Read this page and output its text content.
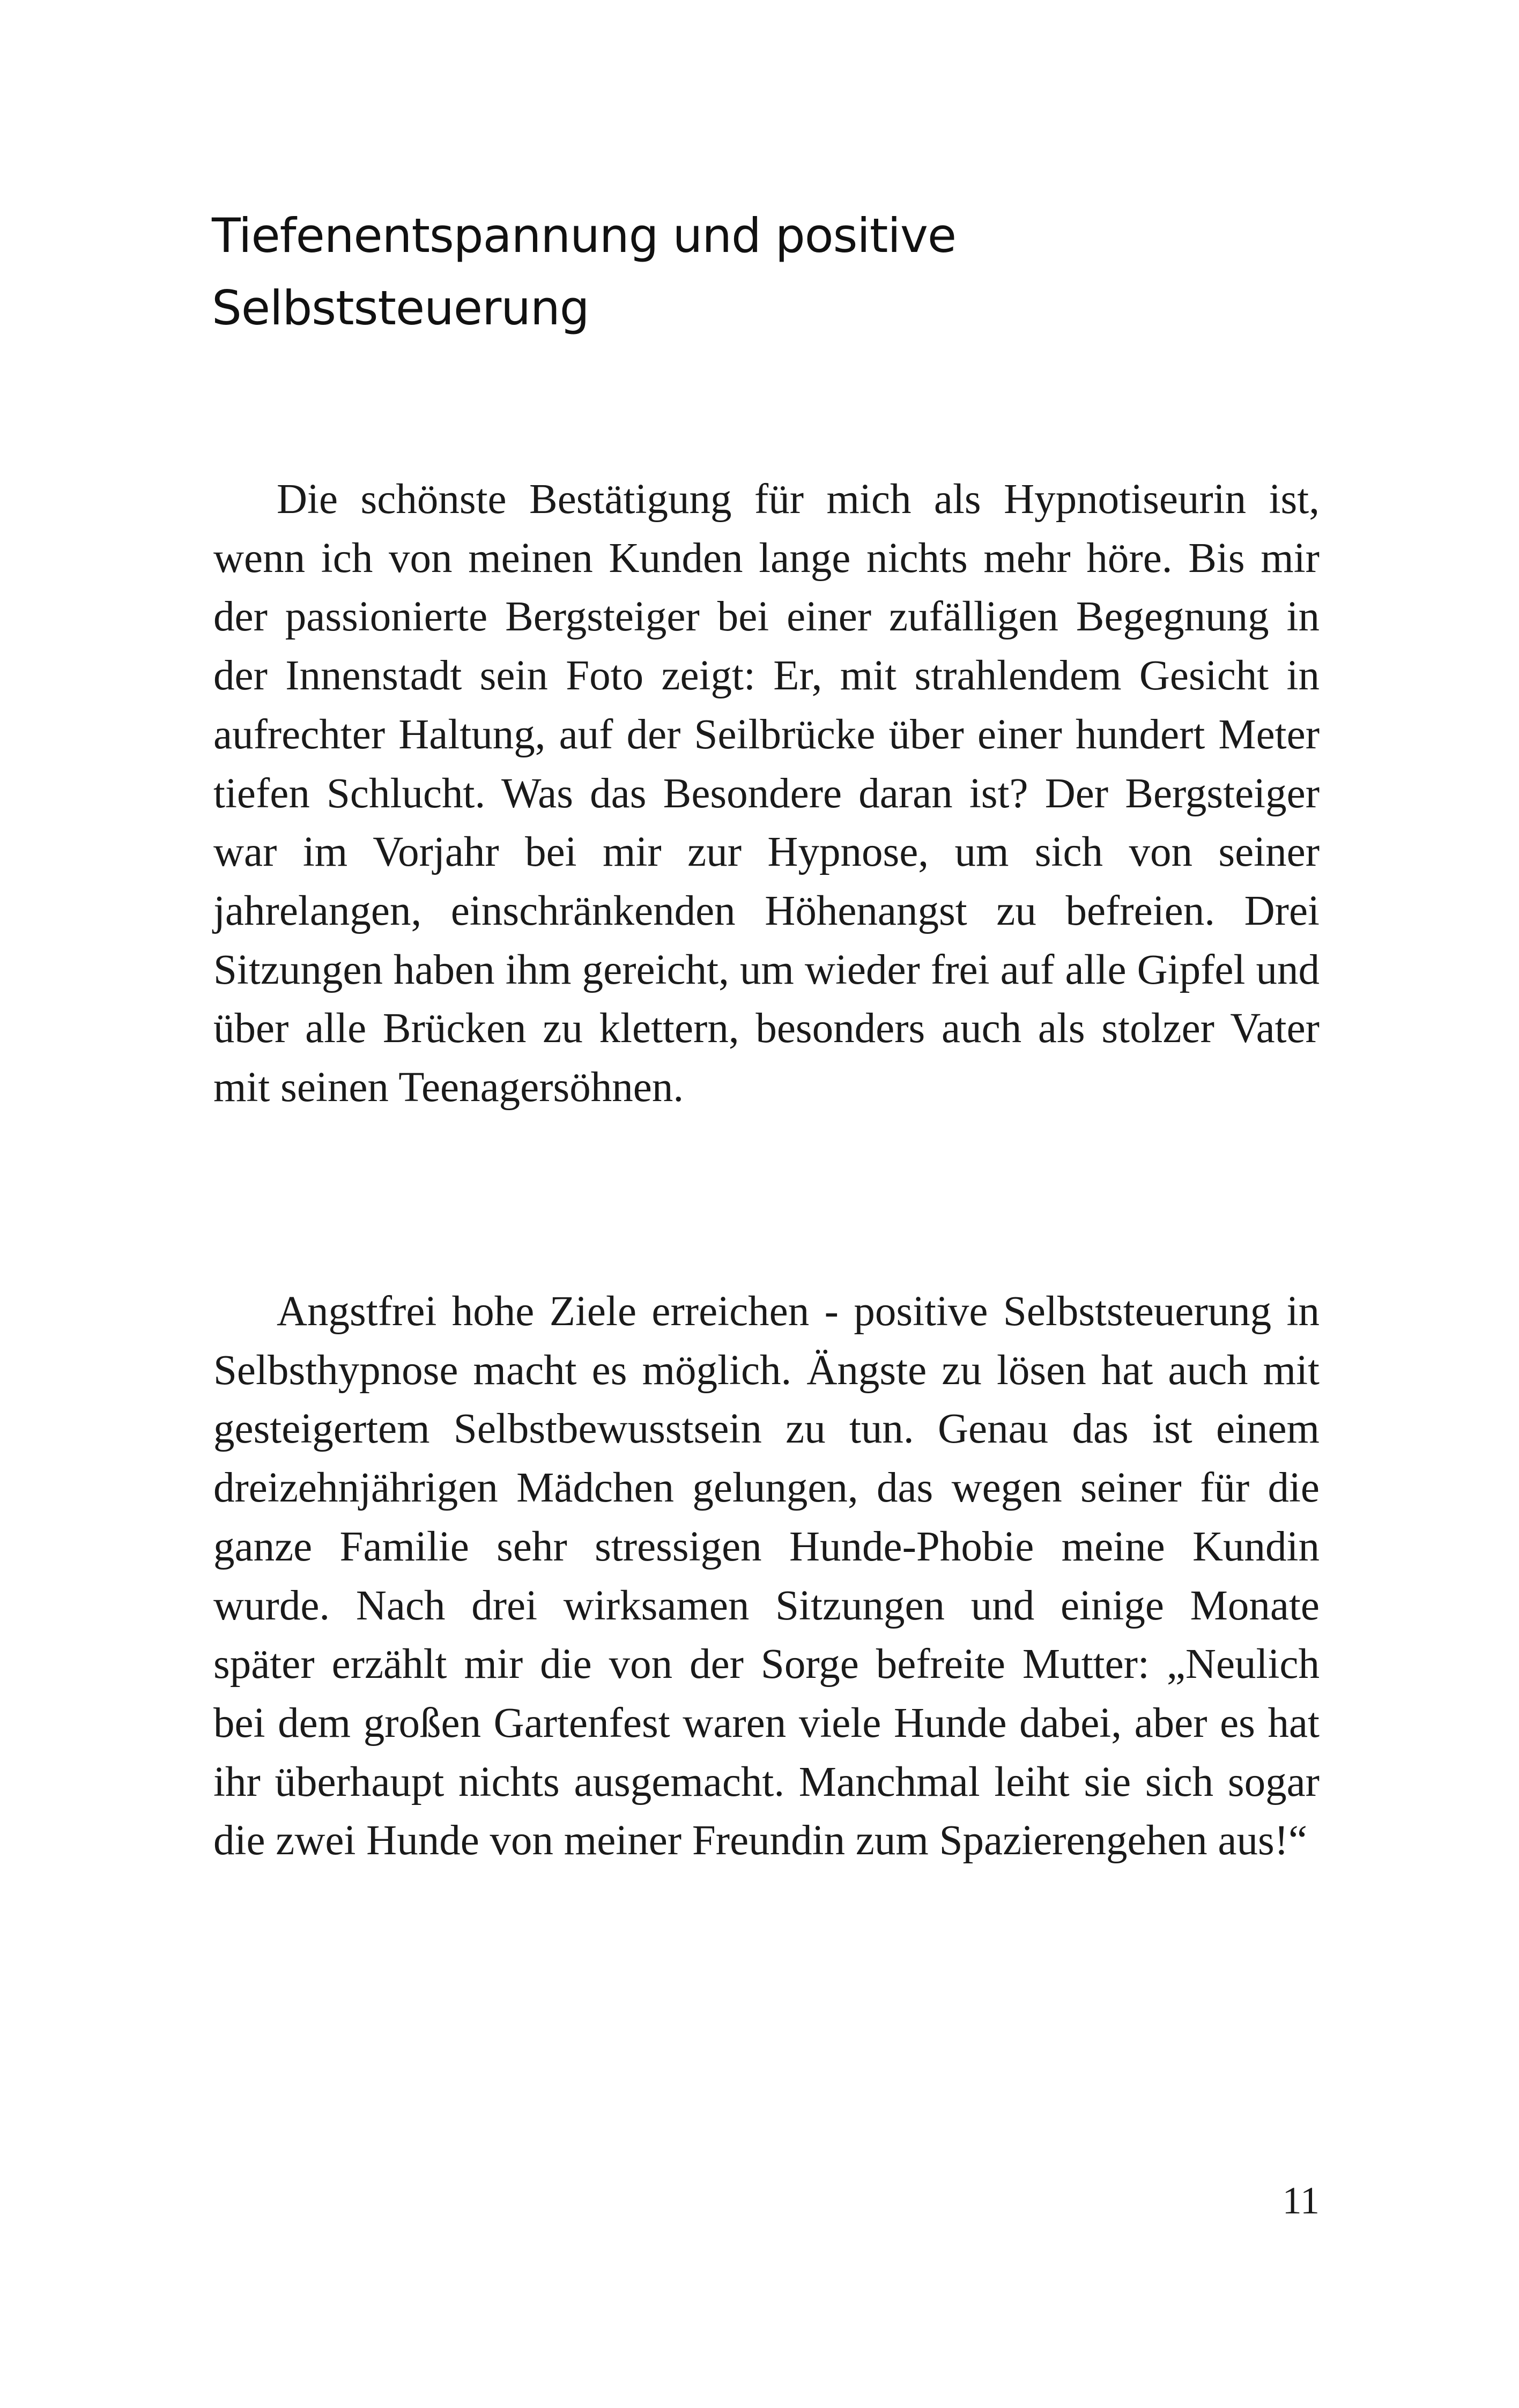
Tiefenentspannung und positive
Selbststeuerung

Die schönste Bestätigung für mich als Hypnotiseurin ist, wenn ich von meinen Kunden lange nichts mehr höre. Bis mir der passionierte Bergsteiger bei einer zufälligen Begegnung in der Innenstadt sein Foto zeigt: Er, mit strahlendem Gesicht in aufrechter Haltung, auf der Seilbrücke über einer hundert Meter tiefen Schlucht. Was das Besondere daran ist? Der Bergsteiger war im Vorjahr bei mir zur Hypnose, um sich von seiner jahrelangen, einschränkenden Höhenangst zu befreien. Drei Sitzungen haben ihm gereicht, um wieder frei auf alle Gipfel und über alle Brücken zu klettern, besonders auch als stolzer Vater mit seinen Teenagersöhnen.

Angstfrei hohe Ziele erreichen - positive Selbststeuerung in Selbsthypnose macht es möglich. Ängste zu lösen hat auch mit gesteigertem Selbstbewusstsein zu tun. Genau das ist einem dreizehnjährigen Mädchen gelungen, das wegen seiner für die ganze Familie sehr stressigen Hunde-Phobie meine Kundin wurde. Nach drei wirksamen Sitzungen und einige Monate später erzählt mir die von der Sorge befreite Mutter: „Neulich bei dem großen Gartenfest waren viele Hunde dabei, aber es hat ihr überhaupt nichts ausgemacht. Manchmal leiht sie sich sogar die zwei Hunde von meiner Freundin zum Spazierengehen aus!“

11
